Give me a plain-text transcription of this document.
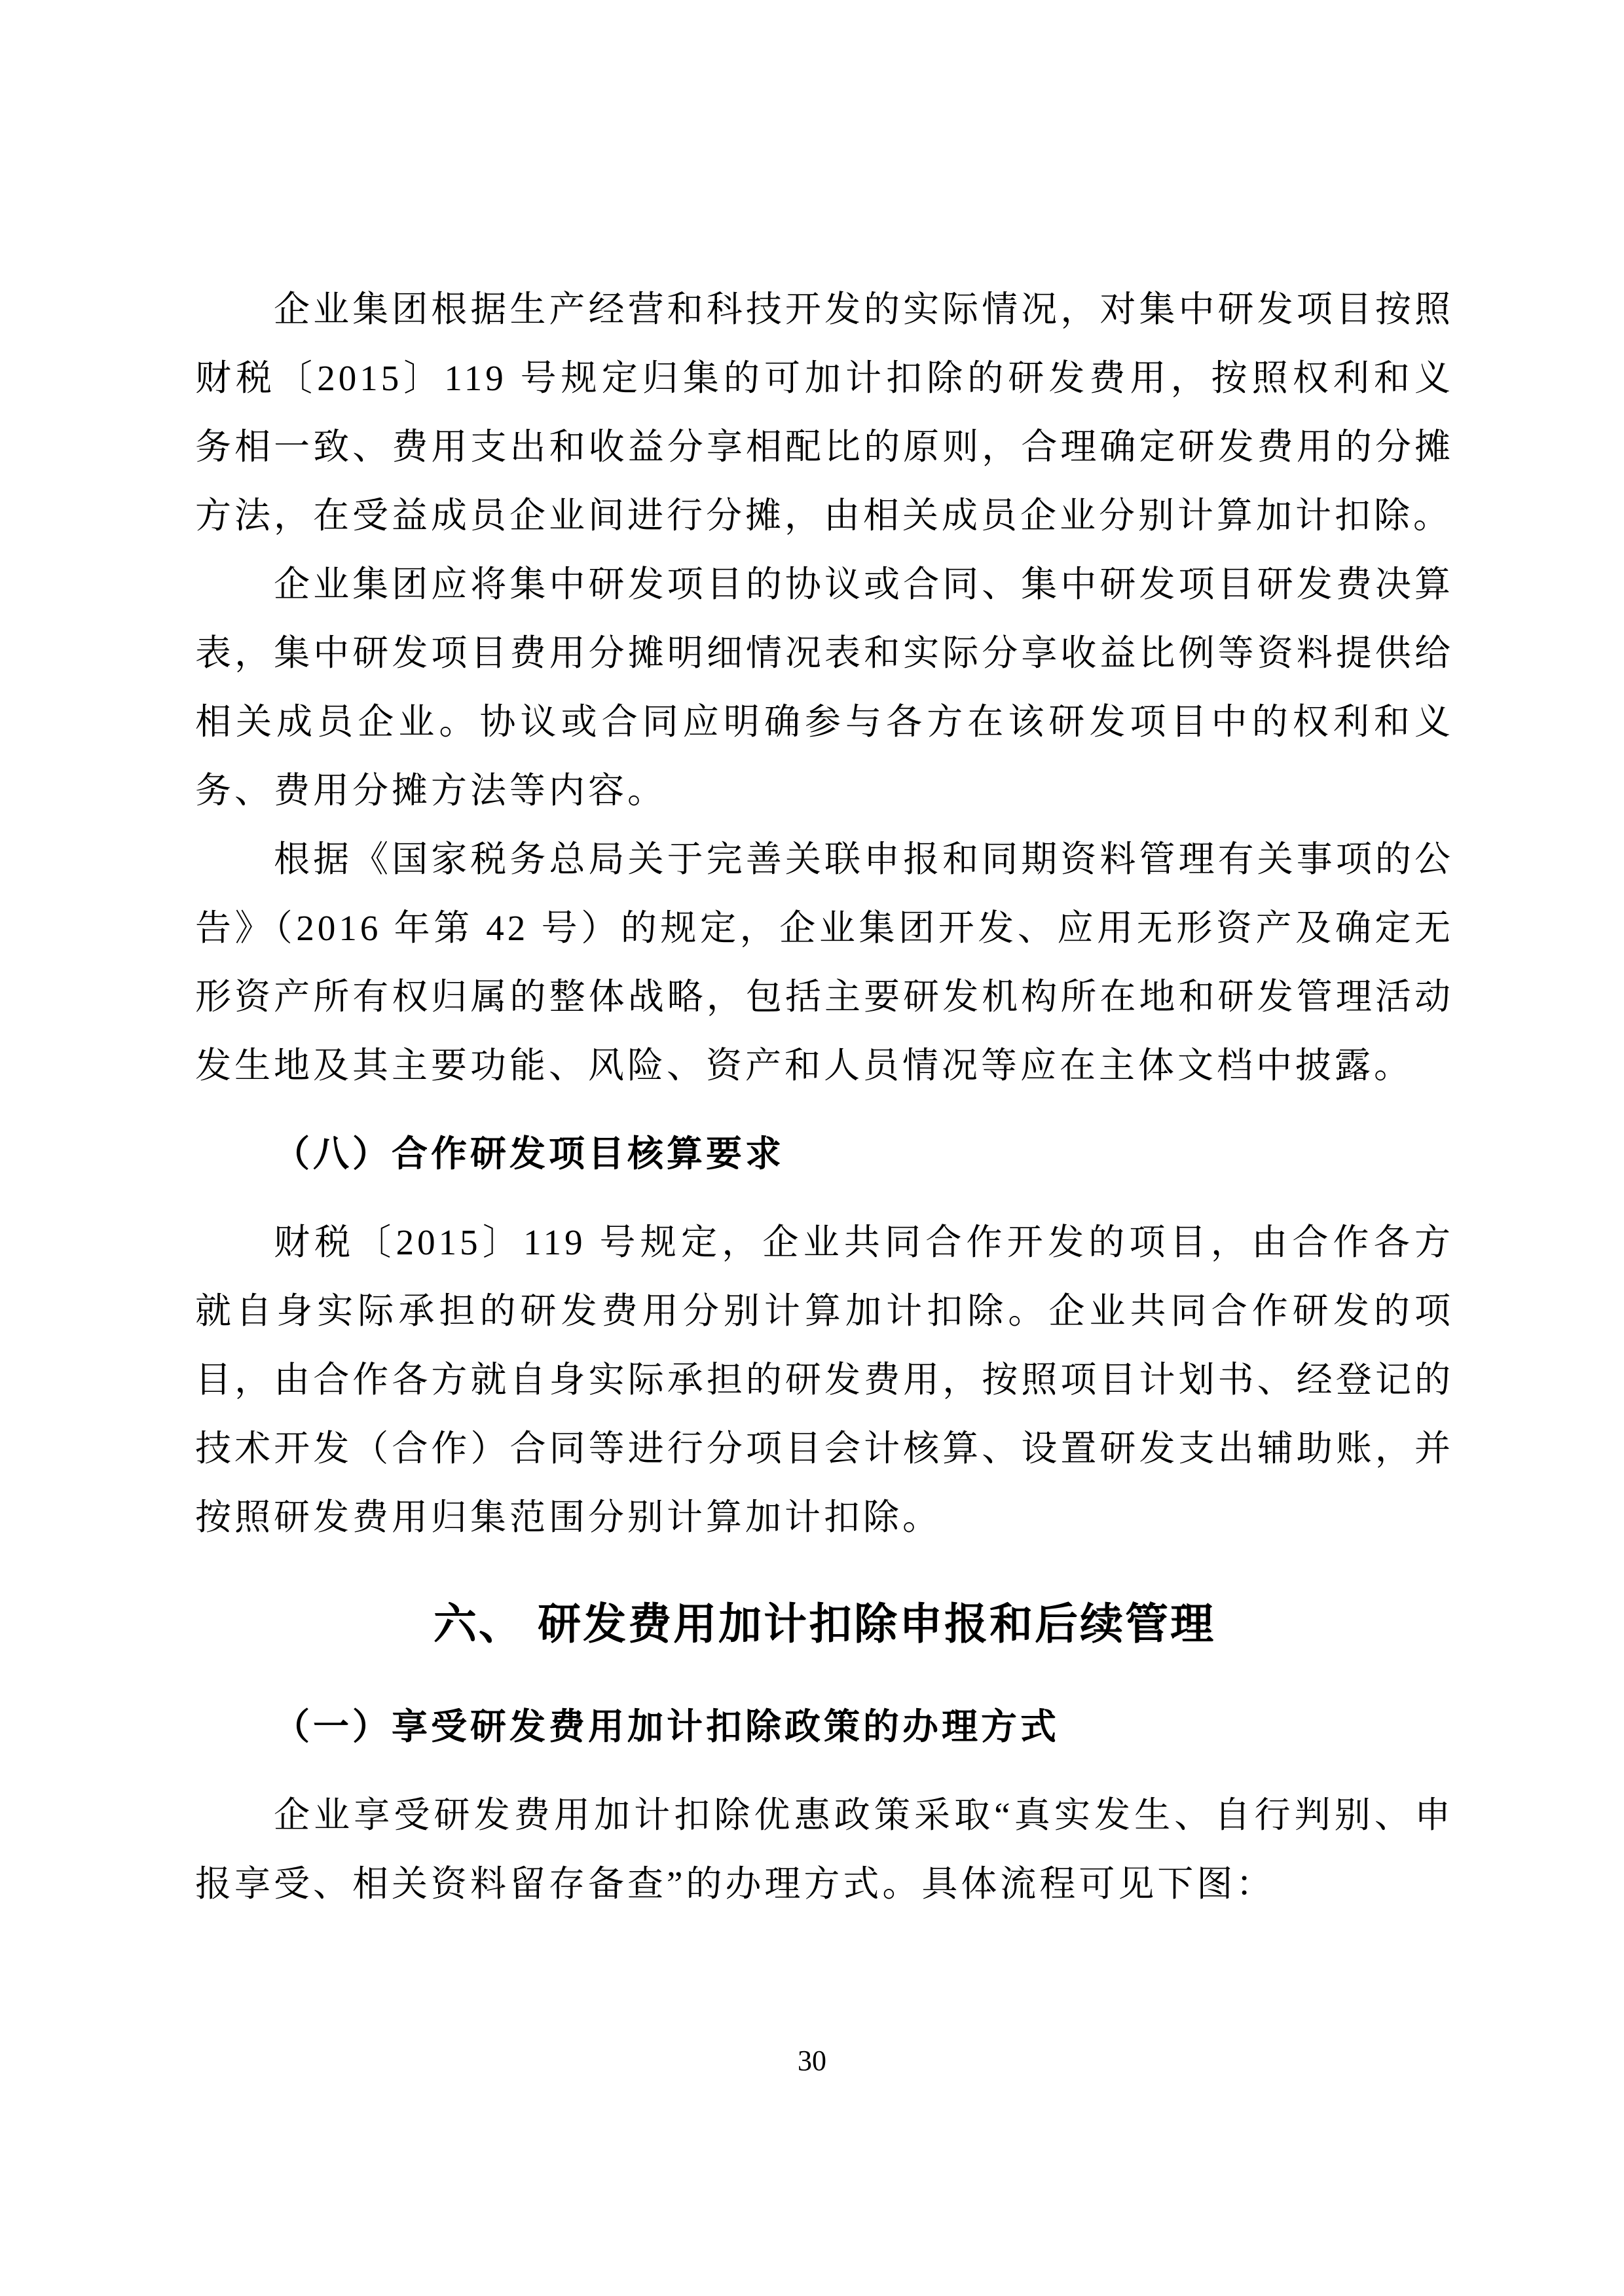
企业集团根据生产经营和科技开发的实际情况，对集中研发项目按照财税〔2015〕119 号规定归集的可加计扣除的研发费用，按照权利和义务相一致、费用支出和收益分享相配比的原则，合理确定研发费用的分摊方法，在受益成员企业间进行分摊，由相关成员企业分别计算加计扣除。

企业集团应将集中研发项目的协议或合同、集中研发项目研发费决算表，集中研发项目费用分摊明细情况表和实际分享收益比例等资料提供给相关成员企业。协议或合同应明确参与各方在该研发项目中的权利和义务、费用分摊方法等内容。

根据《国家税务总局关于完善关联申报和同期资料管理有关事项的公告》（2016 年第 42 号）的规定，企业集团开发、应用无形资产及确定无形资产所有权归属的整体战略，包括主要研发机构所在地和研发管理活动发生地及其主要功能、风险、资产和人员情况等应在主体文档中披露。

（八）合作研发项目核算要求

财税〔2015〕119 号规定，企业共同合作开发的项目，由合作各方就自身实际承担的研发费用分别计算加计扣除。企业共同合作研发的项目，由合作各方就自身实际承担的研发费用，按照项目计划书、经登记的技术开发（合作）合同等进行分项目会计核算、设置研发支出辅助账，并按照研发费用归集范围分别计算加计扣除。

六、 研发费用加计扣除申报和后续管理
（一）享受研发费用加计扣除政策的办理方式

企业享受研发费用加计扣除优惠政策采取“真实发生、自行判别、申报享受、相关资料留存备查”的办理方式。具体流程可见下图：

30
